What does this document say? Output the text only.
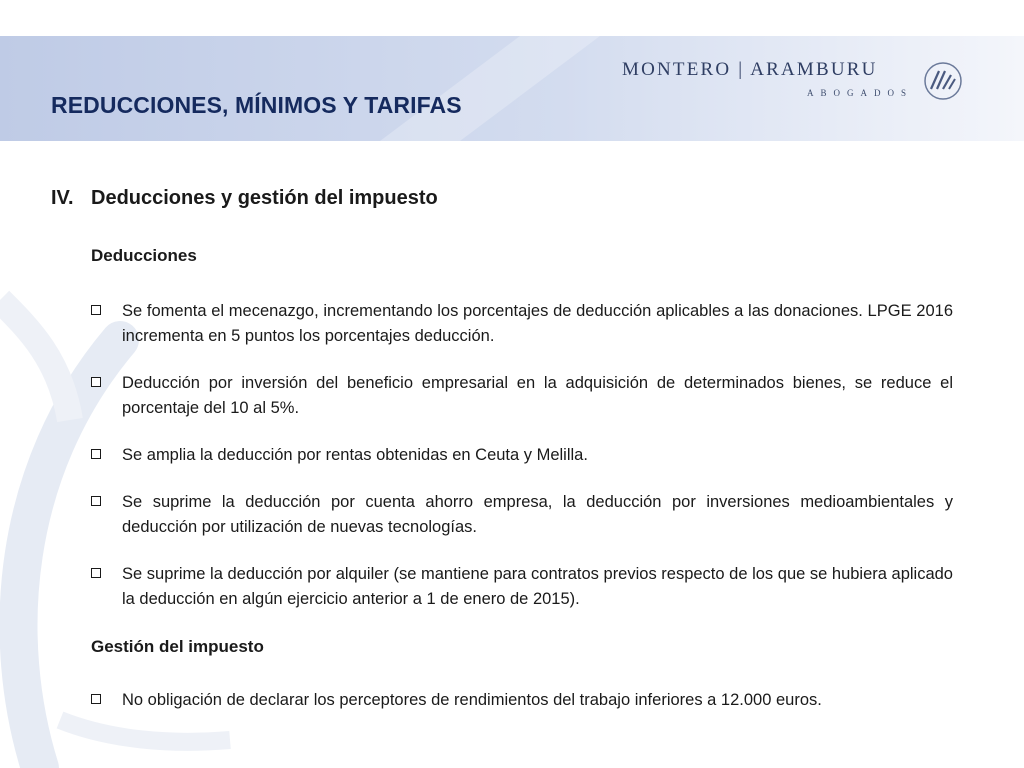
REDUCCIONES, MÍNIMOS Y TARIFAS
MONTERO | ARAMBURU
ABOGADOS
IV. Deducciones y gestión del impuesto
Deducciones
Se fomenta el mecenazgo, incrementando los porcentajes de deducción aplicables a las donaciones. LPGE 2016 incrementa en 5 puntos los porcentajes deducción.
Deducción por inversión del beneficio empresarial en la adquisición de determinados bienes, se reduce el porcentaje del 10 al 5%.
Se amplia la deducción por rentas obtenidas en Ceuta y Melilla.
Se suprime la deducción por cuenta ahorro empresa, la deducción por inversiones medioambientales y deducción por utilización de nuevas tecnologías.
Se suprime la deducción por alquiler (se mantiene para contratos previos respecto de los que se hubiera aplicado la deducción en algún ejercicio anterior a 1 de enero de 2015).
Gestión del impuesto
No obligación de declarar los perceptores de rendimientos del trabajo inferiores a 12.000 euros.
